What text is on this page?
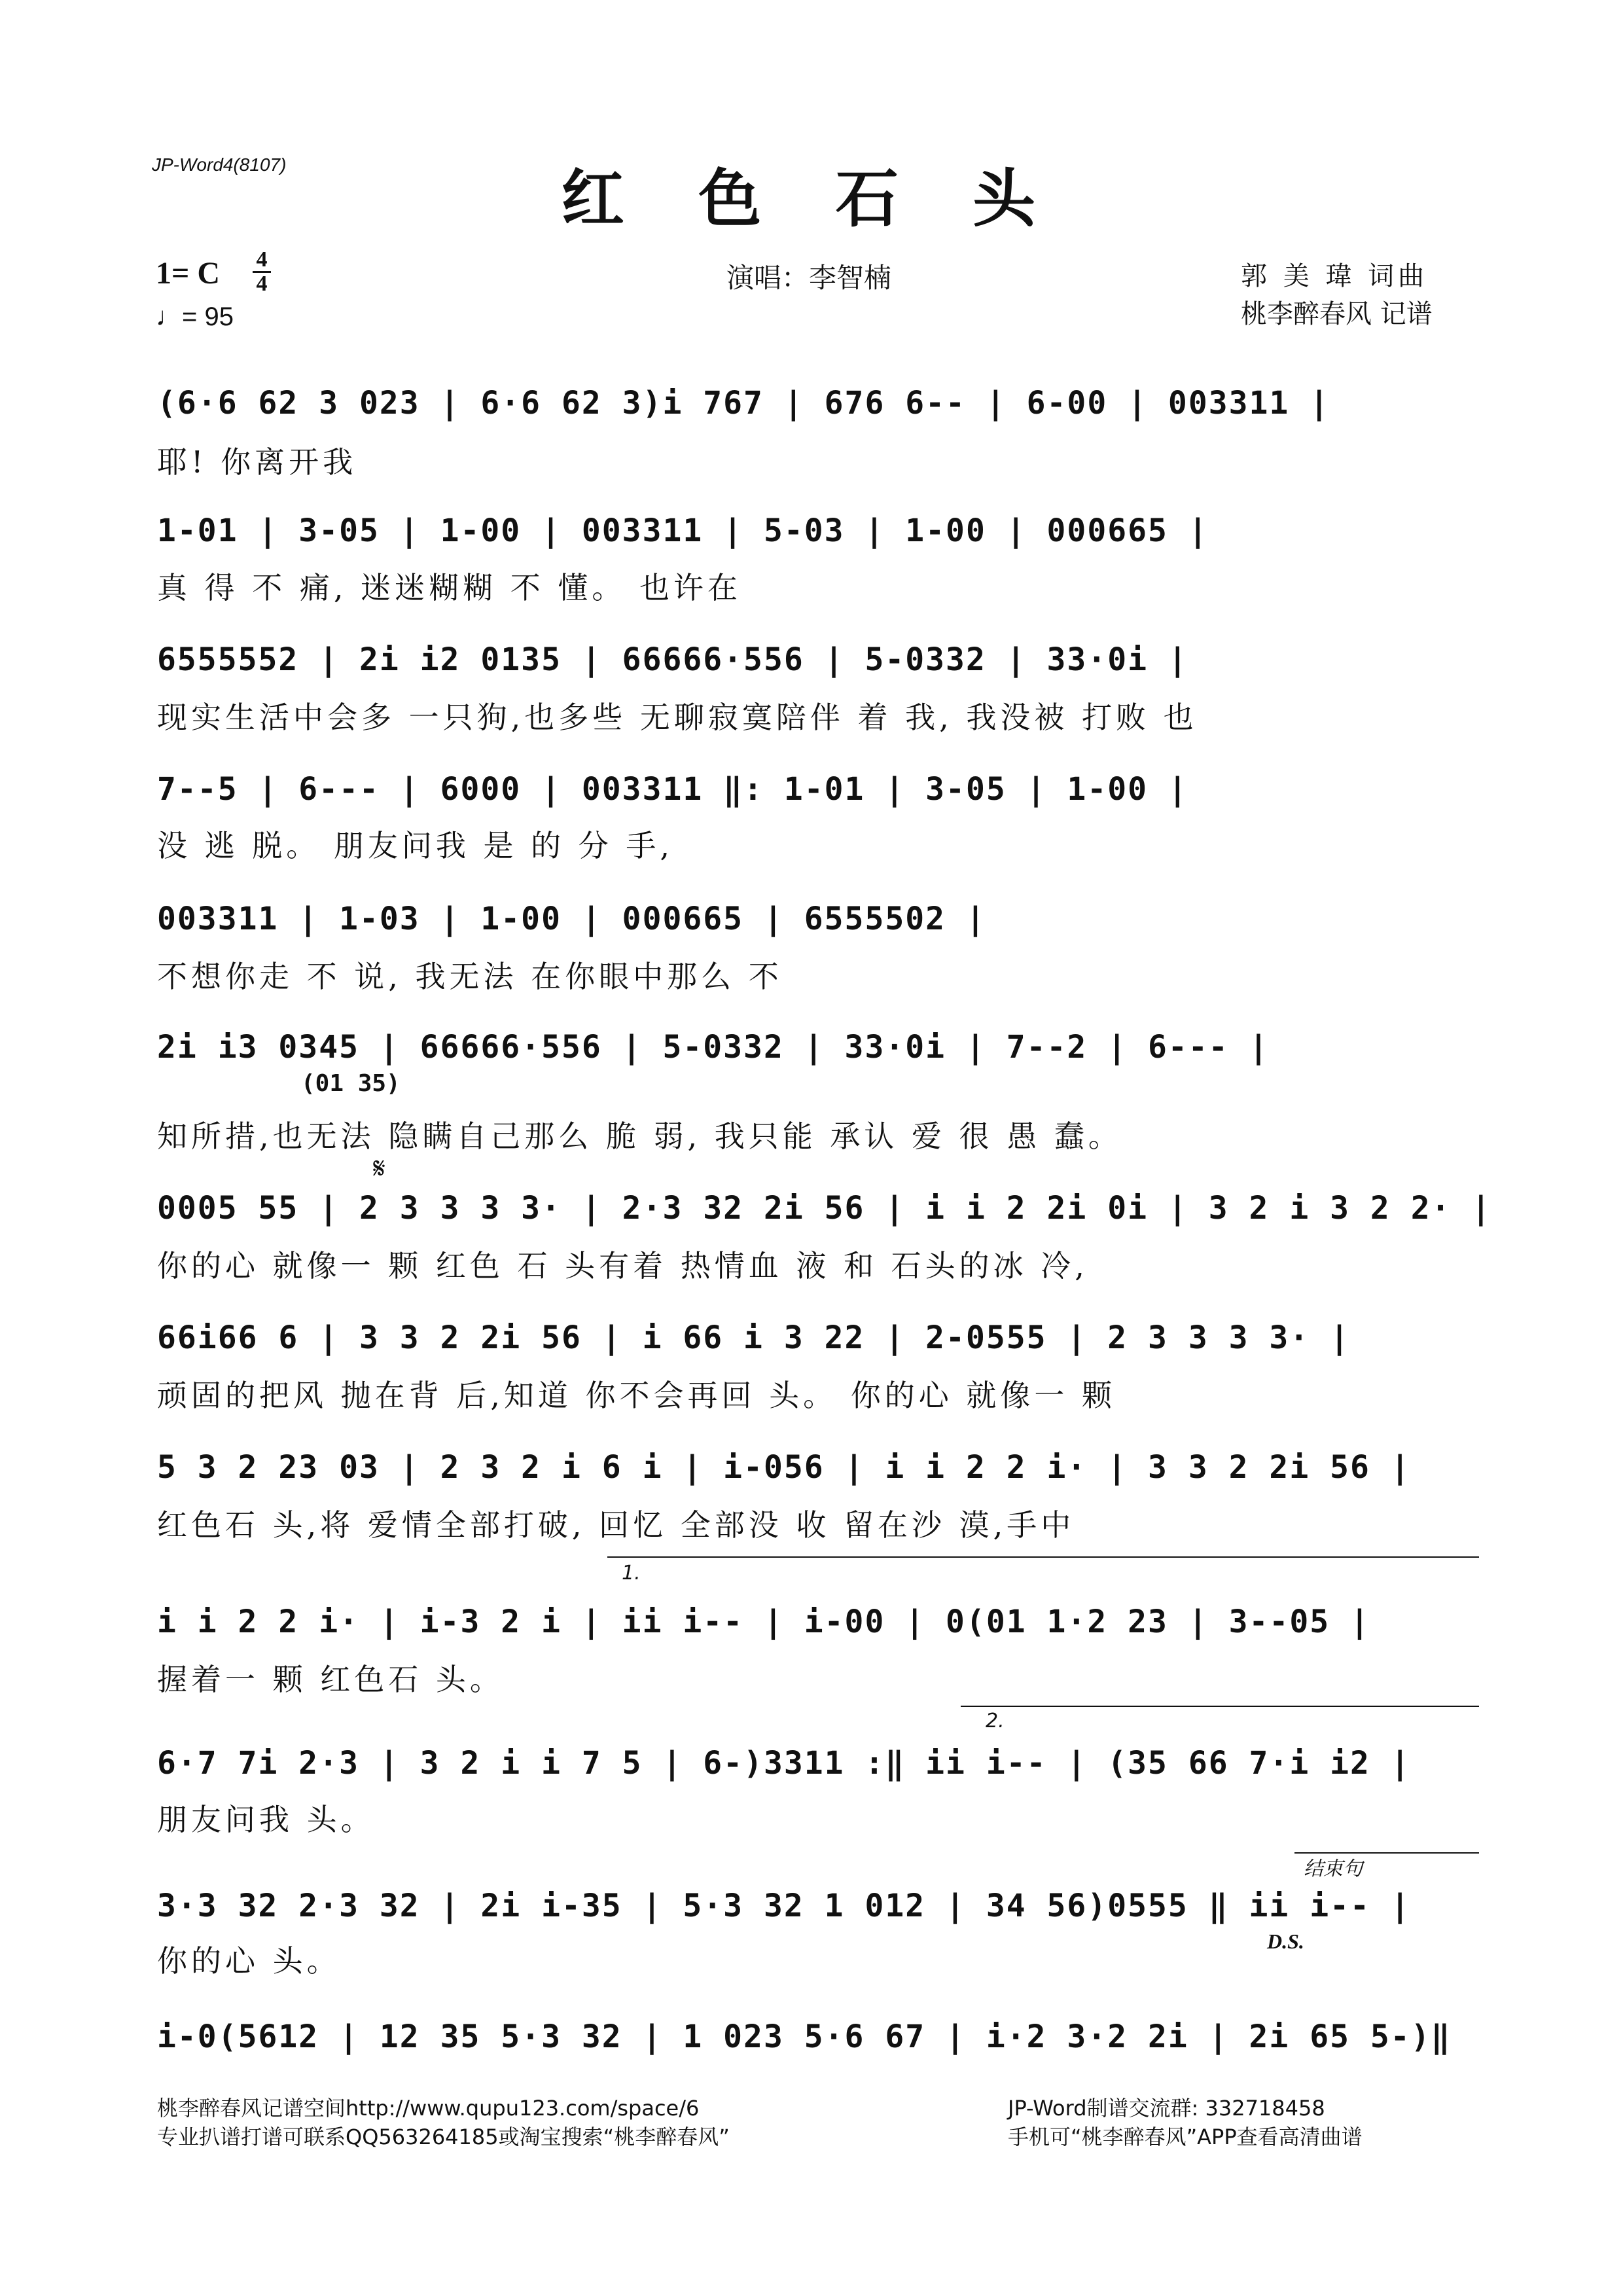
JP-Word4(8107)	红 色 石 头
1= C 4
4
♩= 95
演唱：李智楠	郭 美 瑋 词曲
桃李醉春风 记谱
(6·6 62 3 023 | 6·6 62 3)i 767 | 676 6-- | 6-00 | 003311 |
耶! 你离开我
1-01 | 3-05 | 1-00 | 003311 | 5-03 | 1-00 | 000665 |
真 得 不 痛, 迷迷糊糊 不 懂。 也许在
6555552 | 2i i2 0135 | 66666·556 | 5-0332 | 33·0i |
现实生活中会多 一只狗,也多些 无聊寂寞陪伴 着 我, 我没被 打败 也
7--5 | 6--- | 6000 | 003311 ‖: 1-01 | 3-05 | 1-00 |
没 逃 脱。 朋友问我 是 的 分 手,
003311 | 1-03 | 1-00 | 000665 | 6555502 |
不想你走 不 说, 我无法 在你眼中那么 不
2i i3 0345 | 66666·556 | 5-0332 | 33·0i | 7--2 | 6--- |
(01 35)
知所措,也无法 隐瞒自己那么 脆 弱, 我只能 承认 爱 很 愚 蠢。
𝄋
0005 55 | 2 3 3 3 3· | 2·3 32 2i 56 | i i 2 2i 0i | 3 2 i 3 2 2· |
你的心 就像一 颗 红色 石 头有着 热情血 液 和 石头的冰 冷,
66i66 6 | 3 3 2 2i 56 | i 66 i 3 22 | 2-0555 | 2 3 3 3 3· |
顽固的把风 抛在背 后,知道 你不会再回 头。 你的心 就像一 颗
5 3 2 23 03 | 2 3 2 i 6 i | i-056 | i i 2 2 i· | 3 3 2 2i 56 |
红色石 头,将 爱情全部打破, 回忆 全部没 收 留在沙 漠,手中
1.
i i 2 2 i· | i-3 2 i | ii i-- | i-00 | 0(01 1·2 23 | 3--05 |
握着一 颗 红色石 头。
2.
6·7 7i 2·3 | 3 2 i i 7 5 | 6-)3311 :‖ ii i-- | (35 66 7·i i2 |
朋友问我 头。
结束句
3·3 32 2·3 32 | 2i i-35 | 5·3 32 1 012 | 34 56)0555 ‖ ii i-- |
D.S.
你的心 头。
i-0(5612 | 12 35 5·3 32 | 1 023 5·6 67 | i·2 3·2 2i | 2i 65 5-)‖
桃李醉春风记谱空间http://www.qupu123.com/space/6
专业扒谱打谱可联系QQ563264185或淘宝搜索“桃李醉春风”
JP-Word制谱交流群: 332718458
手机可“桃李醉春风”APP查看高清曲谱
